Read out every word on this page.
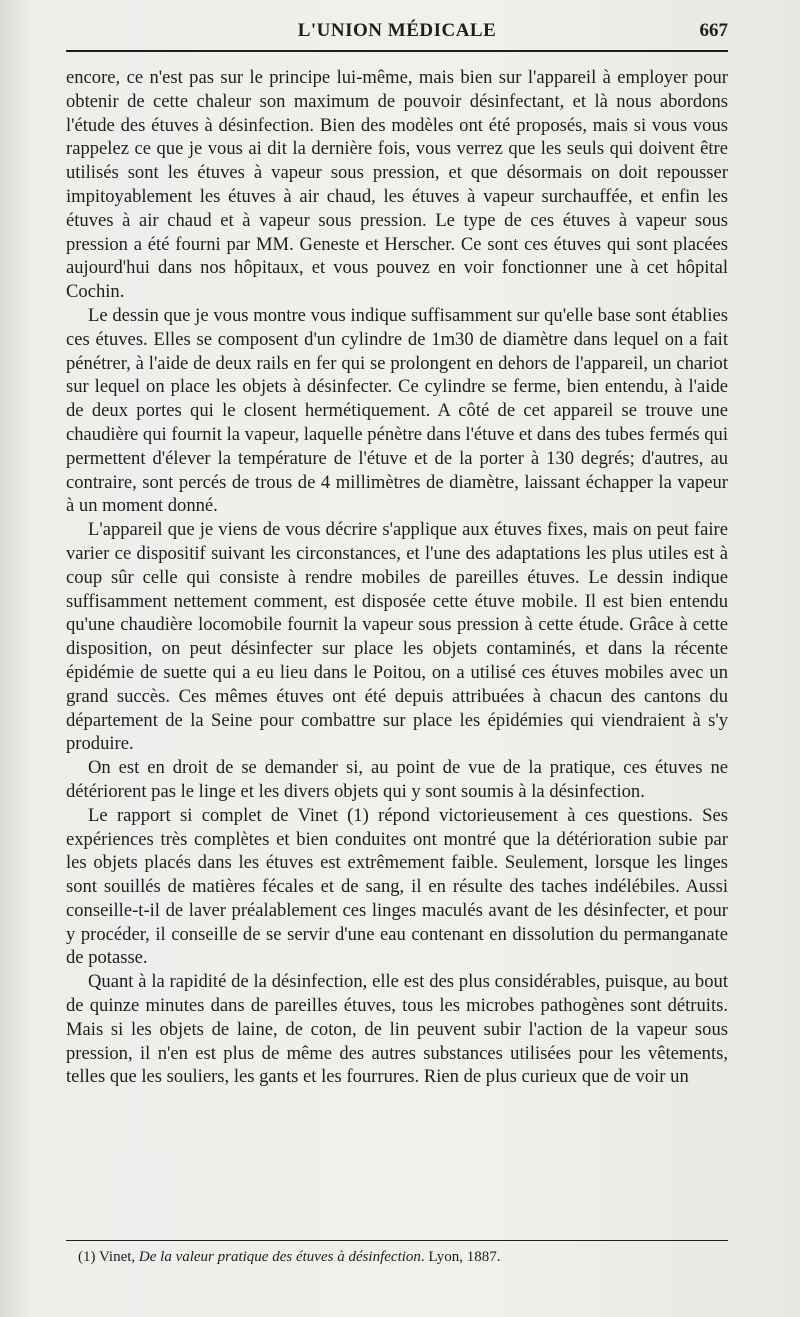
L'UNION MÉDICALE	667

encore, ce n'est pas sur le principe lui-même, mais bien sur l'appareil à employer pour obtenir de cette chaleur son maximum de pouvoir désinfectant, et là nous abordons l'étude des étuves à désinfection. Bien des modèles ont été proposés, mais si vous vous rappelez ce que je vous ai dit la dernière fois, vous verrez que les seuls qui doivent être utilisés sont les étuves à vapeur sous pression, et que désormais on doit repousser impitoyablement les étuves à air chaud, les étuves à vapeur surchauffée, et enfin les étuves à air chaud et à vapeur sous pression. Le type de ces étuves à vapeur sous pression a été fourni par MM. Geneste et Herscher. Ce sont ces étuves qui sont placées aujourd'hui dans nos hôpitaux, et vous pouvez en voir fonctionner une à cet hôpital Cochin.

Le dessin que je vous montre vous indique suffisamment sur qu'elle base sont établies ces étuves. Elles se composent d'un cylindre de 1m30 de diamètre dans lequel on a fait pénétrer, à l'aide de deux rails en fer qui se prolongent en dehors de l'appareil, un chariot sur lequel on place les objets à désinfecter. Ce cylindre se ferme, bien entendu, à l'aide de deux portes qui le closent hermétiquement. A côté de cet appareil se trouve une chaudière qui fournit la vapeur, laquelle pénètre dans l'étuve et dans des tubes fermés qui permettent d'élever la température de l'étuve et de la porter à 130 degrés; d'autres, au contraire, sont percés de trous de 4 millimètres de diamètre, laissant échapper la vapeur à un moment donné.

L'appareil que je viens de vous décrire s'applique aux étuves fixes, mais on peut faire varier ce dispositif suivant les circonstances, et l'une des adaptations les plus utiles est à coup sûr celle qui consiste à rendre mobiles de pareilles étuves. Le dessin indique suffisamment nettement comment, est disposée cette étuve mobile. Il est bien entendu qu'une chaudière locomobile fournit la vapeur sous pression à cette étude. Grâce à cette disposition, on peut désinfecter sur place les objets contaminés, et dans la récente épidémie de suette qui a eu lieu dans le Poitou, on a utilisé ces étuves mobiles avec un grand succès. Ces mêmes étuves ont été depuis attribuées à chacun des cantons du département de la Seine pour combattre sur place les épidémies qui viendraient à s'y produire.

On est en droit de se demander si, au point de vue de la pratique, ces étuves ne détériorent pas le linge et les divers objets qui y sont soumis à la désinfection.

Le rapport si complet de Vinet (1) répond victorieusement à ces questions. Ses expériences très complètes et bien conduites ont montré que la détérioration subie par les objets placés dans les étuves est extrêmement faible. Seulement, lorsque les linges sont souillés de matières fécales et de sang, il en résulte des taches indélébiles. Aussi conseille-t-il de laver préalablement ces linges maculés avant de les désinfecter, et pour y procéder, il conseille de se servir d'une eau contenant en dissolution du permanganate de potasse.

Quant à la rapidité de la désinfection, elle est des plus considérables, puisque, au bout de quinze minutes dans de pareilles étuves, tous les microbes pathogènes sont détruits. Mais si les objets de laine, de coton, de lin peuvent subir l'action de la vapeur sous pression, il n'en est plus de même des autres substances utilisées pour les vêtements, telles que les souliers, les gants et les fourrures. Rien de plus curieux que de voir un

(1) Vinet, De la valeur pratique des étuves à désinfection. Lyon, 1887.
